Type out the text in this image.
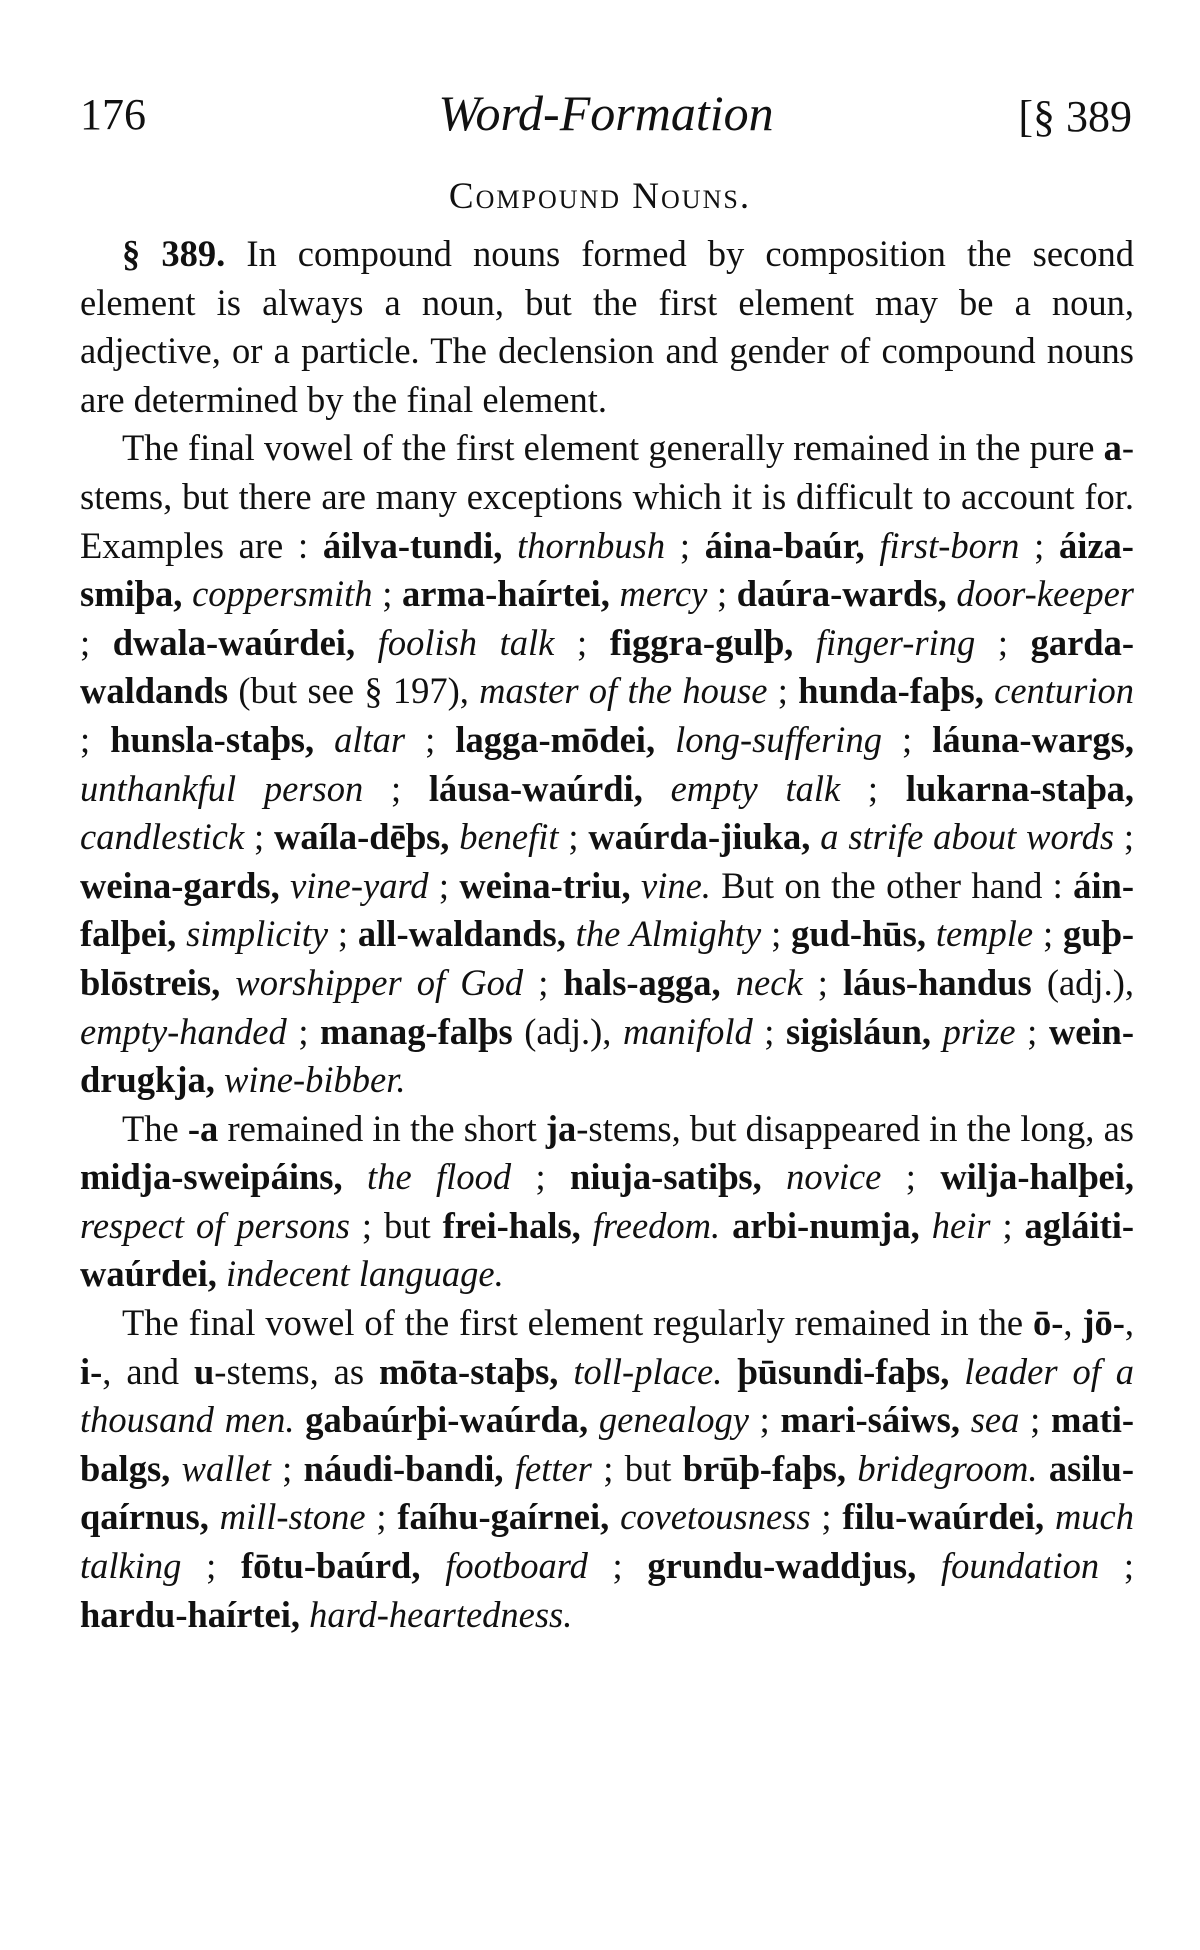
176	Word-Formation	[§ 389
Compound Nouns.

§ 389. In compound nouns formed by composition the second element is always a noun, but the first element may be a noun, adjective, or a particle. The declension and gender of compound nouns are determined by the final element.

The final vowel of the first element generally remained in the pure a-stems, but there are many exceptions which it is difficult to account for. Examples are : áilva-tundi, thornbush ; áina-baúr, first-born ; áiza-smiþa, coppersmith ; arma-haírtei, mercy ; daúra-wards, door-keeper ; dwala-waúrdei, foolish talk ; figgra-gulþ, finger-ring ; garda-waldands (but see § 197), master of the house ; hunda-faþs, centurion ; hunsla-staþs, altar ; lagga-mōdei, long-suffering ; láuna-wargs, unthankful person ; láusa-waúrdi, empty talk ; lukarna-staþa, candlestick ; waíla-dēþs, benefit ; waúrda-jiuka, a strife about words ; weina-gards, vine-yard ; weina-triu, vine. But on the other hand : áin-falþei, simplicity ; all-waldands, the Almighty ; gud-hūs, temple ; guþ-blōstreis, worshipper of God ; hals-agga, neck ; láus-handus (adj.), empty-handed ; manag-falþs (adj.), manifold ; sigisláun, prize ; wein-drugkja, wine-bibber.

The -a remained in the short ja-stems, but disappeared in the long, as midja-sweipáins, the flood ; niuja-satiþs, novice ; wilja-halþei, respect of persons ; but frei-hals, freedom. arbi-numja, heir ; agláiti-waúrdei, indecent language.

The final vowel of the first element regularly remained in the ō-, jō-, i-, and u-stems, as mōta-staþs, toll-place. þūsundi-faþs, leader of a thousand men. gabaúrþi-waúrda, genealogy ; mari-sáiws, sea ; mati-balgs, wallet ; náudi-bandi, fetter ; but brūþ-faþs, bridegroom. asilu-qaírnus, mill-stone ; faíhu-gaírnei, covetousness ; filu-waúrdei, much talking ; fōtu-baúrd, footboard ; grundu-waddjus, foundation ; hardu-haírtei, hard-heartedness.
